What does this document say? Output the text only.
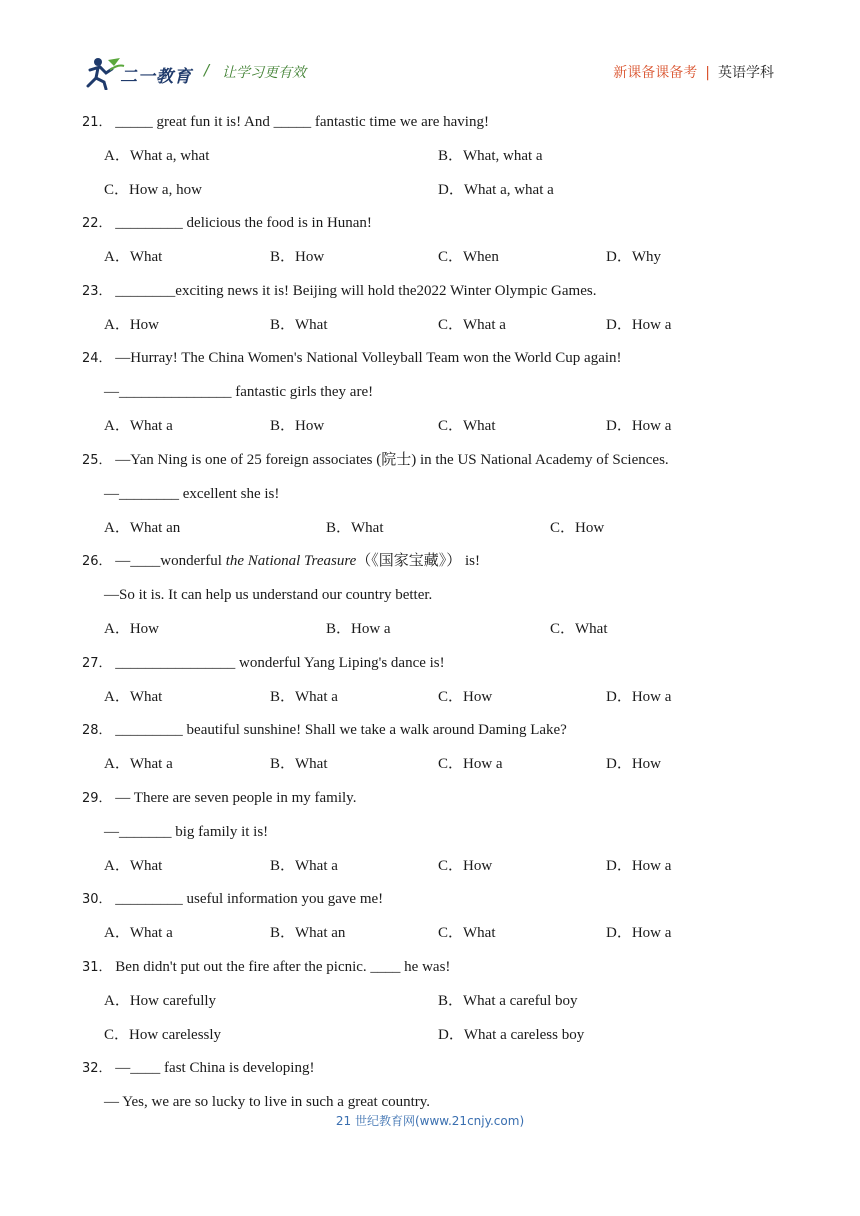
二一教育 / 让学习更有效	新课备课备考 | 英语学科
21． _____ great fun it is! And _____ fantastic time we are having!
A．What a, what	B．What, what a
C．How a, how	D．What a, what a
22． _________ delicious the food is in Hunan!
A．What	B．How	C．When	D．Why
23． ________exciting news it is! Beijing will hold the2022 Winter Olympic Games.
A．How	B．What	C．What a	D．How a
24． —Hurray! The China Women's National Volleyball Team won the World Cup again!
—_______________ fantastic girls they are!
A．What a	B．How	C．What	D．How a
25． —Yan Ning is one of 25 foreign associates (院士) in the US National Academy of Sciences.
—________ excellent she is!
A．What an	B．What	C．How
26． —____wonderful the National Treasure（《国家宝藏》） is!
—So it is. It can help us understand our country better.
A．How	B．How a	C．What
27． ________________ wonderful Yang Liping's dance is!
A．What	B．What a	C．How	D．How a
28． _________ beautiful sunshine! Shall we take a walk around Daming Lake?
A．What a	B．What	C．How a	D．How
29． — There are seven people in my family.
—_______ big family it is!
A．What	B．What a	C．How	D．How a
30． _________ useful information you gave me!
A．What a	B．What an	C．What	D．How a
31． Ben didn't put out the fire after the picnic. ____ he was!
A．How carefully	B．What a careful boy
C．How carelessly	D．What a careless boy
32． —____ fast China is developing!
— Yes, we are so lucky to live in such a great country.
21 世纪教育网(www.21cnjy.com)
